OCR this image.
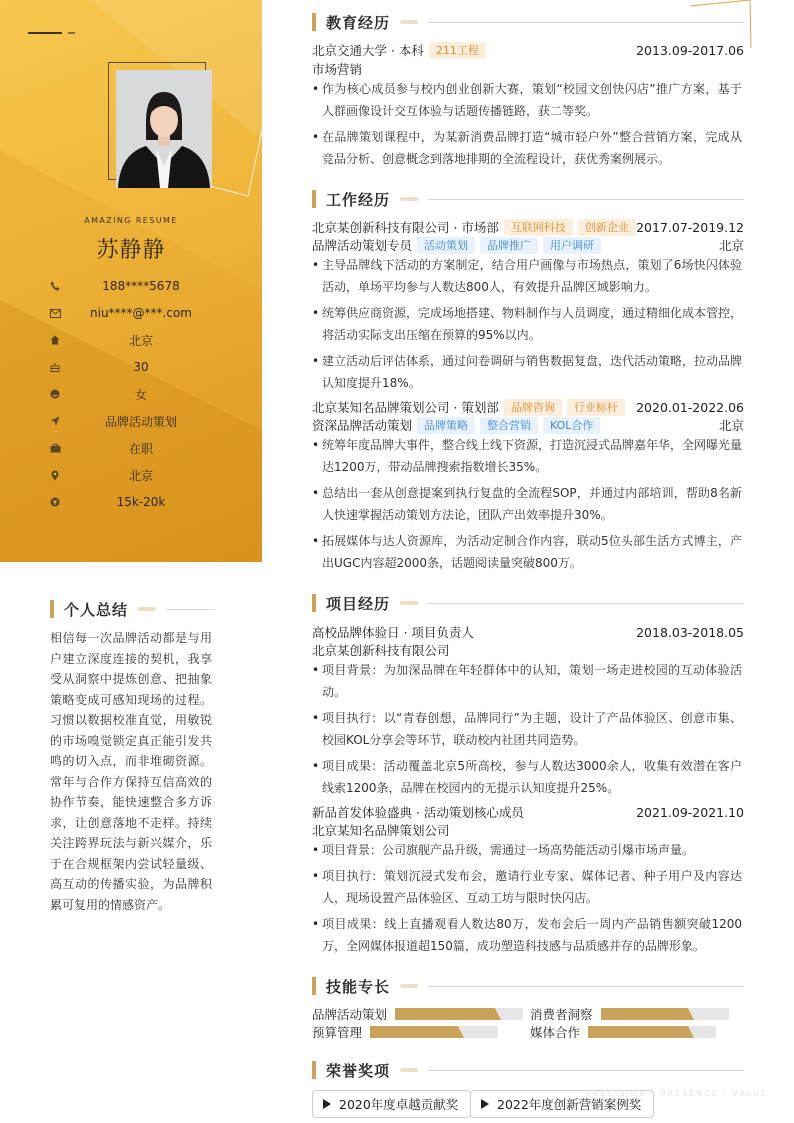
AMAZING RESUME
苏静静
188****5678
niu****@***.com
北京
30
女
品牌活动策划
在职
北京
15k-20k
个人总结
相信每一次品牌活动都是与用户建立深度连接的契机，我享受从洞察中提炼创意、把抽象策略变成可感知现场的过程。习惯以数据校准直觉，用敏锐的市场嗅觉锁定真正能引发共鸣的切入点，而非堆砌资源。常年与合作方保持互信高效的协作节奏，能快速整合多方诉求，让创意落地不走样。持续关注跨界玩法与新兴媒介，乐于在合规框架内尝试轻量级、高互动的传播实验，为品牌积累可复用的情感资产。
教育经历
北京交通大学 · 本科	211工程	2013.09-2017.06
市场营销
• 作为核心成员参与校内创业创新大赛，策划“校园文创快闪店”推广方案，基于人群画像设计交互体验与话题传播链路，获二等奖。
• 在品牌策划课程中，为某新消费品牌打造“城市轻户外”整合营销方案，完成从竞品分析、创意概念到落地排期的全流程设计，获优秀案例展示。
工作经历
北京某创新科技有限公司 · 市场部	互联网科技	创新企业 2017.07-2019.12
品牌活动策划专员	活动策划	品牌推广	用户调研	北京
• 主导品牌线下活动的方案制定，结合用户画像与市场热点，策划了6场快闪体验活动，单场平均参与人数达800人，有效提升品牌区域影响力。
• 统筹供应商资源，完成场地搭建、物料制作与人员调度，通过精细化成本管控，将活动实际支出压缩在预算的95%以内。
• 建立活动后评估体系，通过问卷调研与销售数据复盘，迭代活动策略，拉动品牌认知度提升18%。
北京某知名品牌策划公司 · 策划部	品牌咨询	行业标杆	2020.01-2022.06
资深品牌活动策划	品牌策略	整合营销	KOL合作	北京
• 统筹年度品牌大事件，整合线上线下资源，打造沉浸式品牌嘉年华，全网曝光量达1200万，带动品牌搜索指数增长35%。
• 总结出一套从创意提案到执行复盘的全流程SOP，并通过内部培训，帮助8名新人快速掌握活动策划方法论，团队产出效率提升30%。
• 拓展媒体与达人资源库，为活动定制合作内容，联动5位头部生活方式博主，产出UGC内容超2000条，话题阅读量突破800万。
项目经历
高校品牌体验日 · 项目负责人	2018.03-2018.05
北京某创新科技有限公司
• 项目背景：为加深品牌在年轻群体中的认知，策划一场走进校园的互动体验活动。
• 项目执行：以“青春创想，品牌同行”为主题，设计了产品体验区、创意市集、校园KOL分享会等环节，联动校内社团共同造势。
• 项目成果：活动覆盖北京5所高校，参与人数达3000余人，收集有效潜在客户线索1200条，品牌在校园内的无提示认知度提升25%。
新品首发体验盛典 · 活动策划核心成员	2021.09-2021.10
北京某知名品牌策划公司
• 项目背景：公司旗舰产品升级，需通过一场高势能活动引爆市场声量。
• 项目执行：策划沉浸式发布会，邀请行业专家、媒体记者、种子用户及内容达人，现场设置产品体验区、互动工坊与限时快闪店。
• 项目成果：线上直播观看人数达80万，发布会后一周内产品销售额突破1200万，全网媒体报道超150篇，成功塑造科技感与品质感并存的品牌形象。
技能专长
品牌活动策划	消费者洞察
预算管理	媒体合作
荣誉奖项
2020年度卓越贡献奖	2022年度创新营销案例奖
PRECISION · PRESENCE · VALUE
